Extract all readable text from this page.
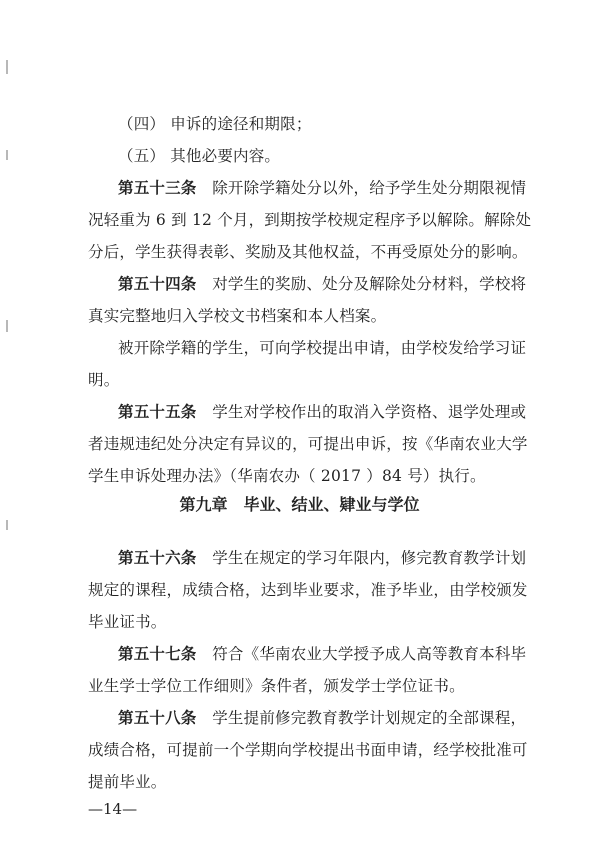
（四） 申诉的途径和期限；
（五） 其他必要内容。
第五十三条　除开除学籍处分以外，给予学生处分期限视情
况轻重为 6 到 12 个月，到期按学校规定程序予以解除。解除处
分后，学生获得表彰、奖励及其他权益，不再受原处分的影响。
第五十四条　对学生的奖励、处分及解除处分材料，学校将
真实完整地归入学校文书档案和本人档案。
被开除学籍的学生，可向学校提出申请，由学校发给学习证
明。
第五十五条　学生对学校作出的取消入学资格、退学处理或
者违规违纪处分决定有异议的，可提出申诉，按《华南农业大学
学生申诉处理办法》（华南农办（ 2017 ）84 号）执行。
第九章　毕业、结业、肄业与学位
第五十六条　学生在规定的学习年限内，修完教育教学计划
规定的课程，成绩合格，达到毕业要求，准予毕业，由学校颁发
毕业证书。
第五十七条　符合《华南农业大学授予成人高等教育本科毕
业生学士学位工作细则》条件者，颁发学士学位证书。
第五十八条　学生提前修完教育教学计划规定的全部课程，
成绩合格，可提前一个学期向学校提出书面申请，经学校批准可
提前毕业。
—14—
